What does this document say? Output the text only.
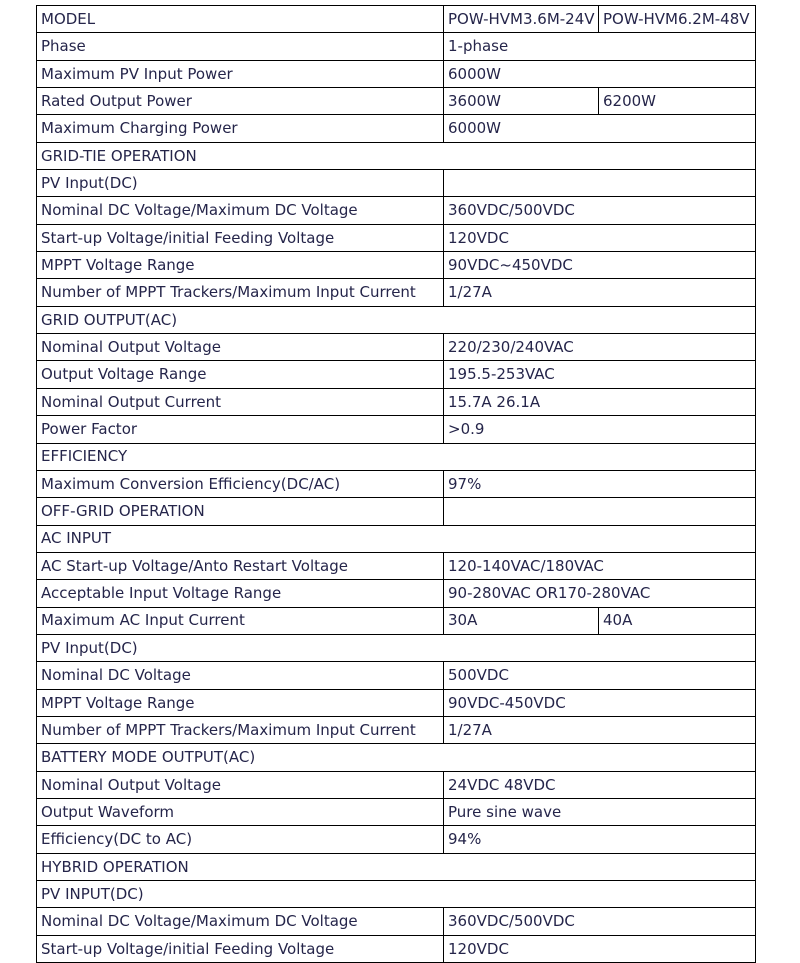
MODEL	POW-HVM3.6M-24V	POW-HVM6.2M-48V
Phase	1-phase	
Maximum PV Input Power	6000W	
Rated Output Power	3600W	6200W
Maximum Charging Power	6000W	
GRID-TIE OPERATION		
PV Input(DC)		
Nominal DC Voltage/Maximum DC Voltage	360VDC/500VDC	
Start-up Voltage/initial Feeding Voltage	120VDC	
MPPT Voltage Range	90VDC~450VDC	
Number of MPPT Trackers/Maximum Input Current	1/27A	
GRID OUTPUT(AC)		
Nominal Output Voltage	220/230/240VAC	
Output Voltage Range	195.5-253VAC	
Nominal Output Current	15.7A 26.1A	
Power Factor	>0.9	
EFFICIENCY		
Maximum Conversion Efficiency(DC/AC)	97%	
OFF-GRID OPERATION		
AC INPUT		
AC Start-up Voltage/Anto Restart Voltage	120-140VAC/180VAC	
Acceptable Input Voltage Range	90-280VAC OR170-280VAC	
Maximum AC Input Current	30A	40A
PV Input(DC)		
Nominal DC Voltage	500VDC	
MPPT Voltage Range	90VDC-450VDC	
Number of MPPT Trackers/Maximum Input Current	1/27A	
BATTERY MODE OUTPUT(AC)		
Nominal Output Voltage	24VDC 48VDC	
Output Waveform	Pure sine wave	
Efficiency(DC to AC)	94%	
HYBRID OPERATION		
PV INPUT(DC)		
Nominal DC Voltage/Maximum DC Voltage	360VDC/500VDC	
Start-up Voltage/initial Feeding Voltage	120VDC	
